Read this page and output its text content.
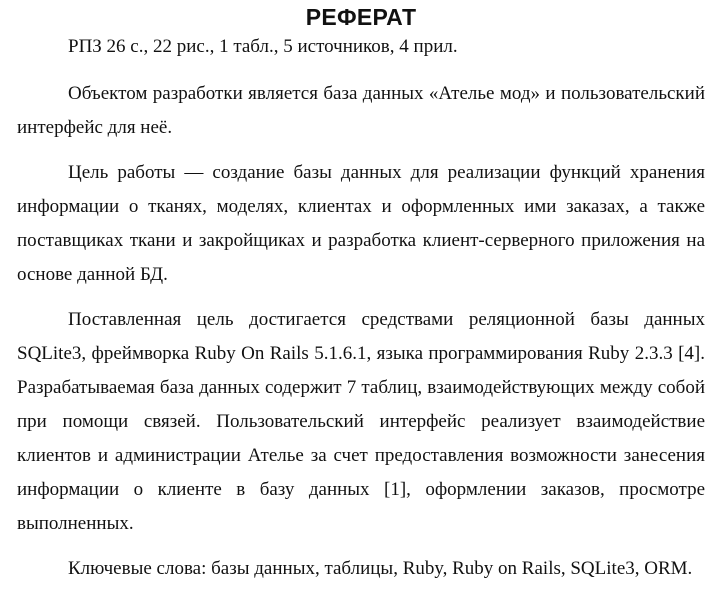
РЕФЕРАТ

РПЗ 26 с., 22 рис., 1 табл., 5 источников, 4 прил.

Объектом разработки является база данных «Ателье мод» и пользовательский интерфейс для неё.

Цель работы — создание базы данных для реализации функций хранения информации о тканях, моделях, клиентах и оформленных ими заказах, а также поставщиках ткани и закройщиках и разработка клиент-серверного приложения на основе данной БД.

Поставленная цель достигается средствами реляционной базы данных SQLite3, фреймворка Ruby On Rails 5.1.6.1, языка программирования Ruby 2.3.3 [4]. Разрабатываемая база данных содержит 7 таблиц, взаимодействующих между собой при помощи связей. Пользовательский интерфейс реализует взаимодействие клиентов и администрации Ателье за счет предоставления возможности занесения информации о клиенте в базу данных [1], оформлении заказов, просмотре выполненных.

Ключевые слова: базы данных, таблицы, Ruby, Ruby on Rails, SQLite3, ORM.
